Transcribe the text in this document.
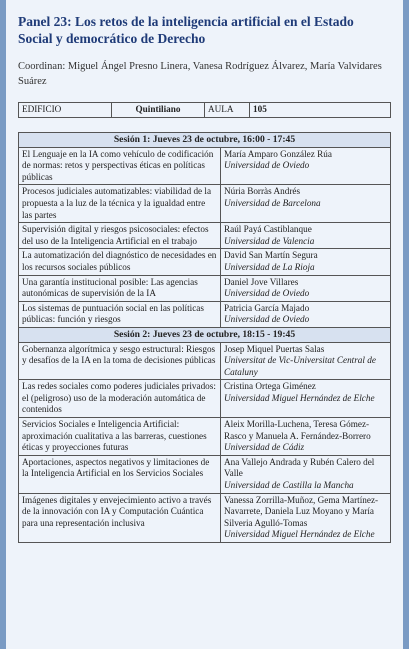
Panel 23: Los retos de la inteligencia artificial en el Estado Social y democrático de Derecho
Coordinan: Miguel Ángel Presno Linera, Vanesa Rodríguez Álvarez, María Valvidares Suárez
EDIFICIO	Quintiliano	AULA	105
Sesión 1: Jueves 23 de octubre, 16:00 - 17:45	
El Lenguaje en la IA como vehículo de codificación de normas: retos y perspectivas éticas en políticas públicas	María Amparo González Rúa
Universidad de Oviedo

Procesos judiciales automatizables: viabilidad de la propuesta a la luz de la técnica y la igualdad entre las partes	Núria Borràs Andrés
Universidad de Barcelona

Supervisión digital y riesgos psicosociales: efectos del uso de la Inteligencia Artificial en el trabajo	Raúl Payá Castiblanque
Universidad de Valencia

La automatización del diagnóstico de necesidades en los recursos sociales públicos	David San Martín Segura
Universidad de La Rioja

Una garantía institucional posible: Las agencias autonómicas de supervisión de la IA	Daniel Jove Villares
Universidad de Oviedo

Los sistemas de puntuación social en las políticas públicas: función y riesgos	Patricia García Majado
Universidad de Oviedo

Sesión 2: Jueves 23 de octubre, 18:15 - 19:45	
Gobernanza algorítmica y sesgo estructural: Riesgos y desafíos de la IA en la toma de decisiones públicas	Josep Miquel Puertas Salas
Universitat de Vic-Universitat Central de Cataluny

Las redes sociales como poderes judiciales privados: el (peligroso) uso de la moderación automática de contenidos	Cristina Ortega Giménez
Universidad Miguel Hernández de Elche

Servicios Sociales e Inteligencia Artificial: aproximación cualitativa a las barreras, cuestiones éticas y proyecciones futuras	Aleix Morilla-Luchena, Teresa Gómez-Rasco y Manuela A. Fernández-Borrero
Universidad de Cádiz

Aportaciones, aspectos negativos y limitaciones de la Inteligencia Artificial en los Servicios Sociales	Ana Vallejo Andrada y Rubén Calero del Valle
Universidad de Castilla la Mancha

Imágenes digitales y envejecimiento activo a través de la innovación con IA y Computación Cuántica para una representación inclusiva	Vanessa Zorrilla-Muñoz, Gema Martínez-Navarrete, Daniela Luz Moyano y María Silveria Agulló-Tomas
Universidad Miguel Hernández de Elche
